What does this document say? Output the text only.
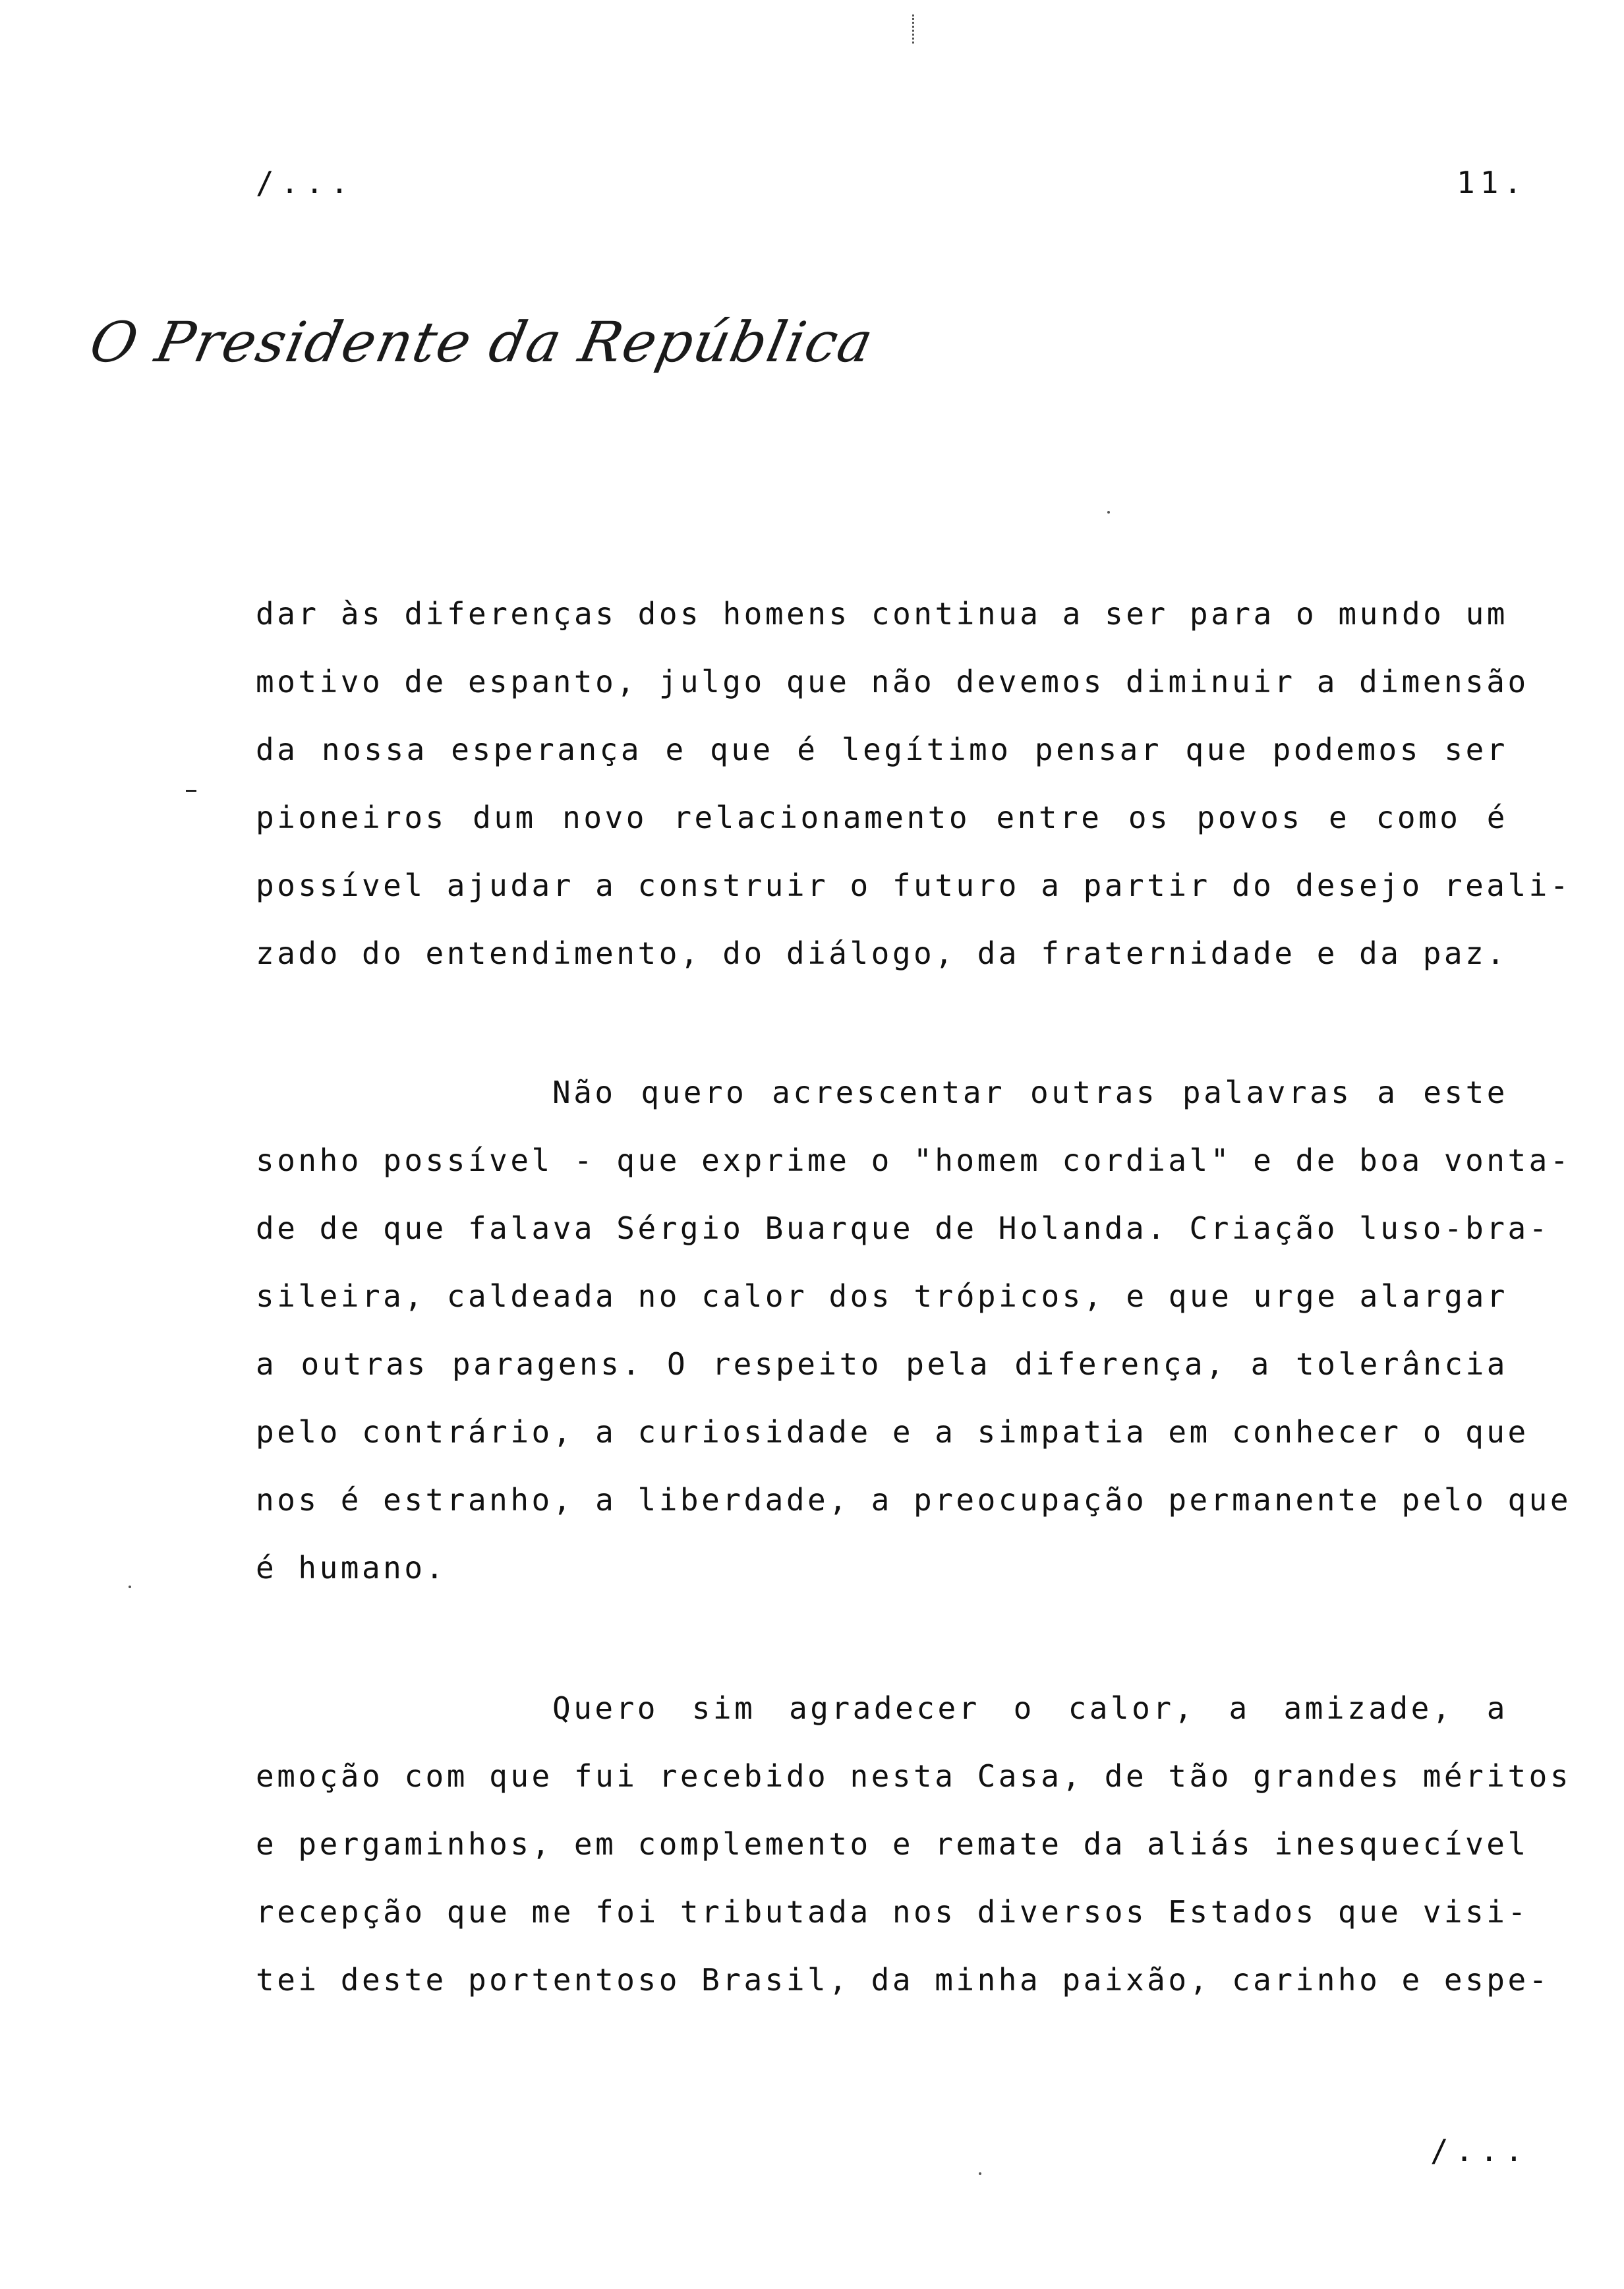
/...	11.
O Presidente da República
dar às diferenças dos homens continua a ser para o mundo um
motivo de espanto, julgo que não devemos diminuir a dimensão
da nossa esperança e que é legítimo pensar que podemos ser
pioneiros dum novo relacionamento entre os povos e como é
possível ajudar a construir o futuro a partir do desejo reali-
zado do entendimento, do diálogo, da fraternidade e da paz.
Não quero acrescentar outras palavras a este
sonho possível - que exprime o "homem cordial" e de boa vonta-
de de que falava Sérgio Buarque de Holanda. Criação luso-bra-
sileira, caldeada no calor dos trópicos, e que urge alargar
a outras paragens. O respeito pela diferença, a tolerância
pelo contrário, a curiosidade e a simpatia em conhecer o que
nos é estranho, a liberdade, a preocupação permanente pelo que
é humano.
Quero sim agradecer o calor, a amizade, a
emoção com que fui recebido nesta Casa, de tão grandes méritos
e pergaminhos, em complemento e remate da aliás inesquecível
recepção que me foi tributada nos diversos Estados que visi-
tei deste portentoso Brasil, da minha paixão, carinho e espe-
/...
